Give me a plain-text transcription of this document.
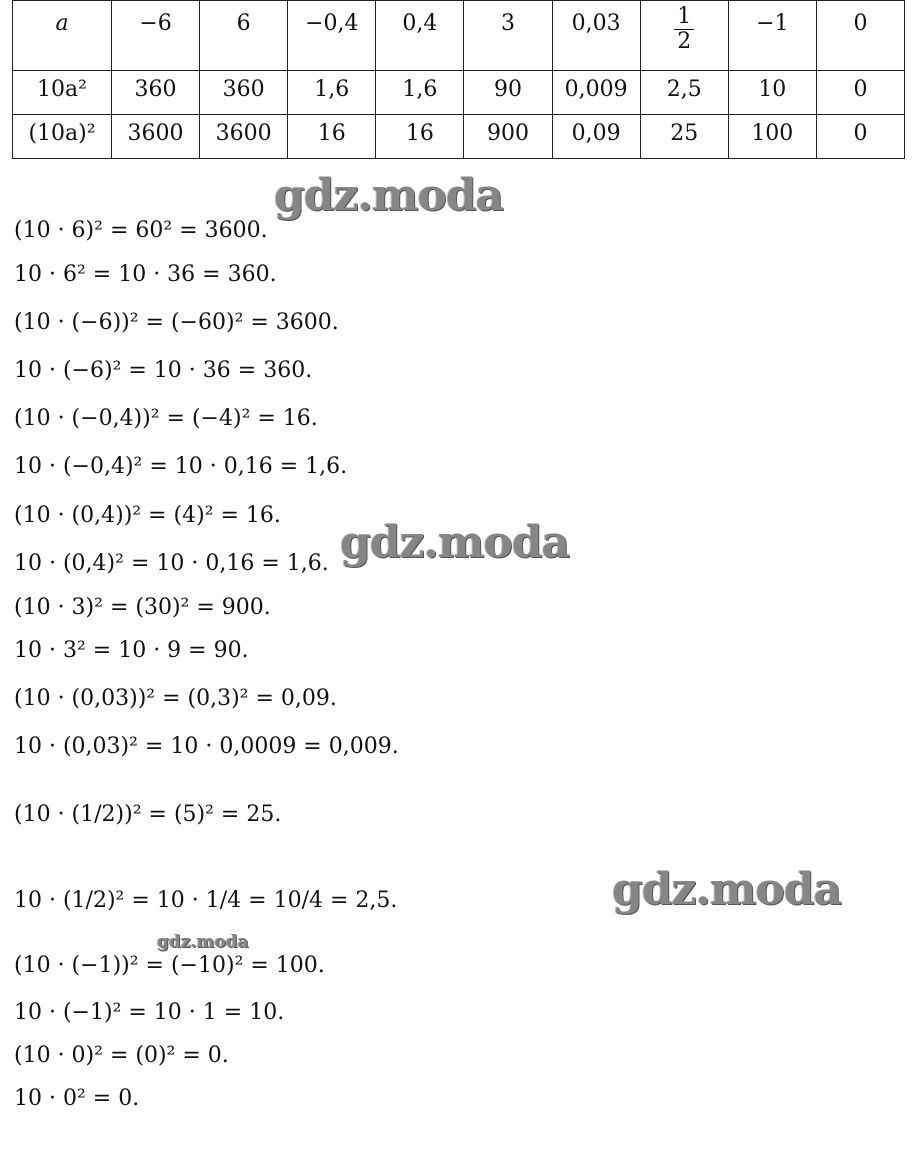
a	−6	6	−0,4	0,4	3	0,03	$\frac{1}{2}$	−1	0
10a²	360	360	1,6	1,6	90	0,009	2,5	10	0
(10a)²	3600	3600	16	16	900	0,09	25	100	0
(10 · 6)² = 60² = 3600.
10 · 6² = 10 · 36 = 360.
(10 · (−6))² = (−60)² = 3600.
10 · (−6)² = 10 · 36 = 360.
(10 · (−0,4))² = (−4)² = 16.
10 · (−0,4)² = 10 · 0,16 = 1,6.
(10 · (0,4))² = (4)² = 16.
10 · (0,4)² = 10 · 0,16 = 1,6.
(10 · 3)² = (30)² = 900.
10 · 3² = 10 · 9 = 90.
(10 · (0,03))² = (0,3)² = 0,09.
10 · (0,03)² = 10 · 0,0009 = 0,009.
(10 · (1/2))² = (5)² = 25.
10 · (1/2)² = 10 · 1/4 = 10/4 = 2,5.
(10 · (−1))² = (−10)² = 100.
10 · (−1)² = 10 · 1 = 10.
(10 · 0)² = (0)² = 0.
10 · 0² = 0.
gdz.moda
gdz.moda
gdz.moda
gdz.moda
